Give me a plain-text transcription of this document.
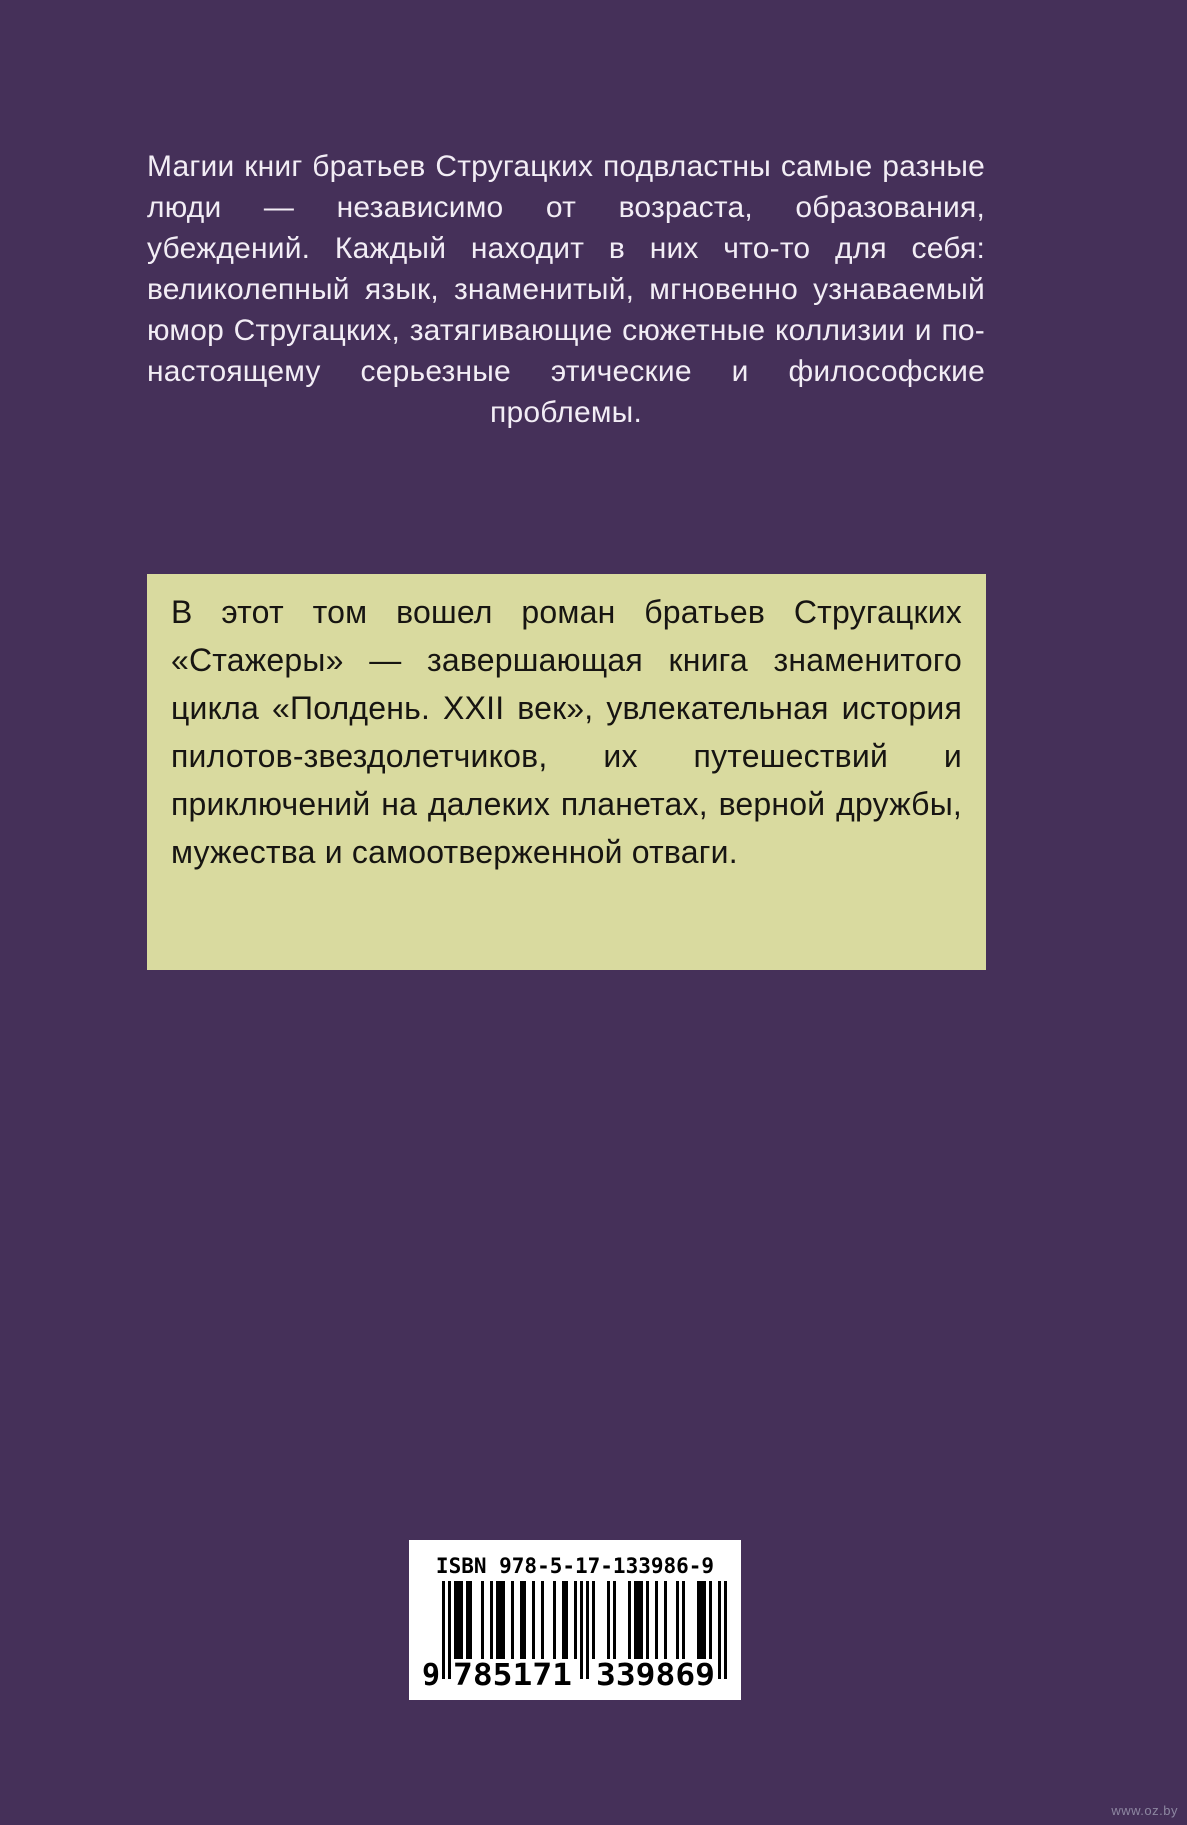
Магии книг братьев Стругацких подвластны самые разные люди — независимо от возраста, образования, убеждений. Каждый находит в них что-то для себя: великолепный язык, знаменитый, мгновенно узнаваемый юмор Стругацких, затягивающие сюжетные коллизии и по-настоящему серьезные этические и философские проблемы.

В этот том вошел роман братьев Стругацких «Стажеры» — завершающая книга знаменитого цикла «Полдень. XXII век», увлекательная история пилотов-звездолетчиков, их путешествий и приключений на далеких планетах, верной дружбы, мужества и самоотверженной отваги.

ISBN 978-5-17-133986-9
9 785171 339869
www.oz.by
